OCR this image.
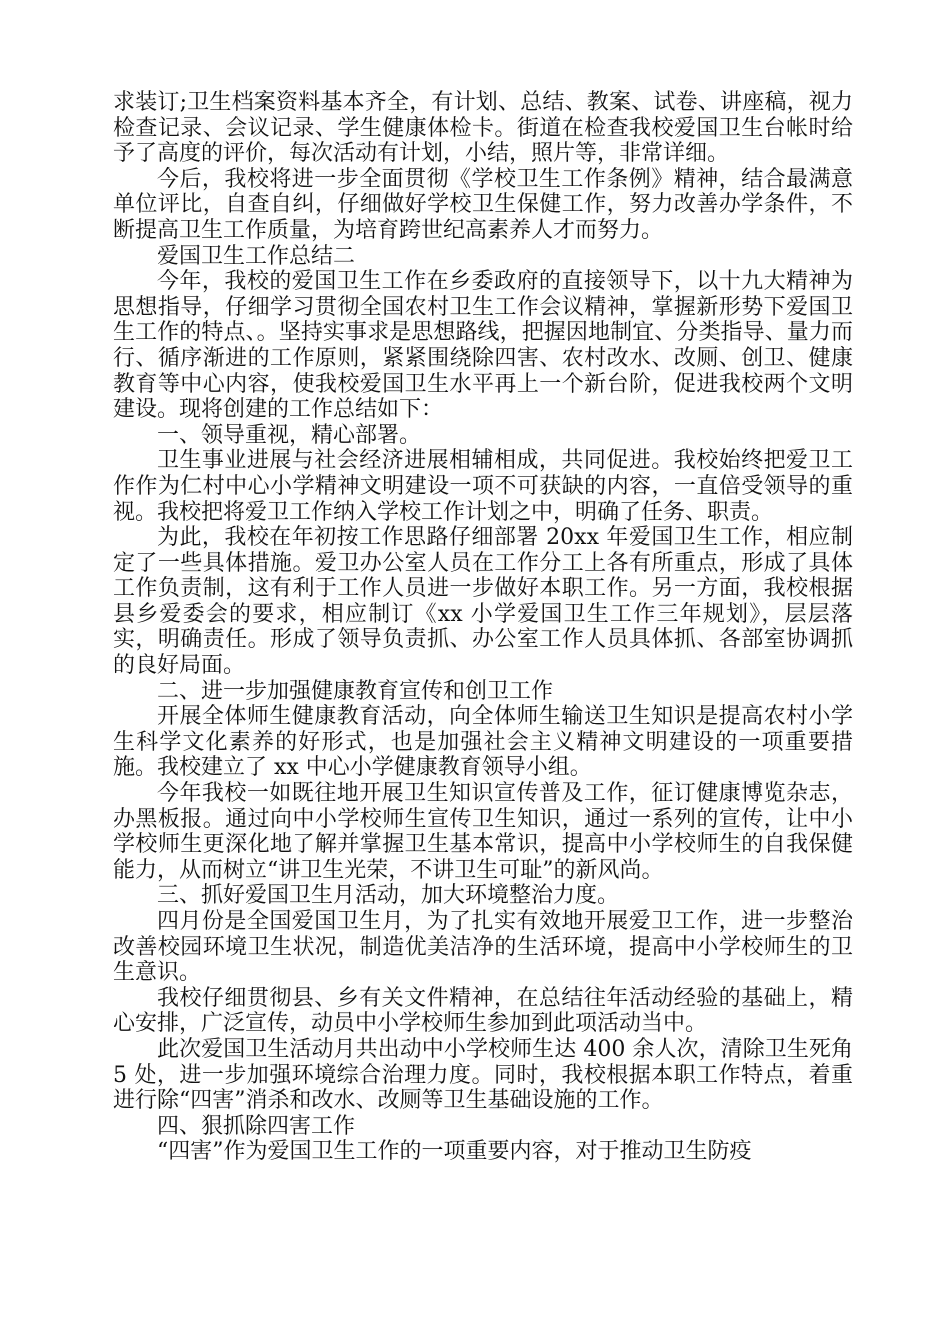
求装订;卫生档案资料基本齐全，有计划、总结、教案、试卷、讲座稿，视力检查记录、会议记录、学生健康体检卡。街道在检查我校爱国卫生台帐时给予了高度的评价，每次活动有计划，小结，照片等，非常详细。

今后，我校将进一步全面贯彻《学校卫生工作条例》精神，结合最满意单位评比，自查自纠，仔细做好学校卫生保健工作，努力改善办学条件，不断提高卫生工作质量，为培育跨世纪高素养人才而努力。

爱国卫生工作总结二

今年，我校的爱国卫生工作在乡委政府的直接领导下，以十九大精神为思想指导，仔细学习贯彻全国农村卫生工作会议精神，掌握新形势下爱国卫生工作的特点、。坚持实事求是思想路线，把握因地制宜、分类指导、量力而行、循序渐进的工作原则，紧紧围绕除四害、农村改水、改厕、创卫、健康教育等中心内容，使我校爱国卫生水平再上一个新台阶，促进我校两个文明建设。现将创建的工作总结如下：

一、领导重视，精心部署。

卫生事业进展与社会经济进展相辅相成，共同促进。我校始终把爱卫工作作为仁村中心小学精神文明建设一项不可获缺的内容，一直倍受领导的重视。我校把将爱卫工作纳入学校工作计划之中，明确了任务、职责。

为此，我校在年初按工作思路仔细部署 20xx 年爱国卫生工作，相应制定了一些具体措施。爱卫办公室人员在工作分工上各有所重点，形成了具体工作负责制，这有利于工作人员进一步做好本职工作。另一方面，我校根据县乡爱委会的要求，相应制订《xx 小学爱国卫生工作三年规划》，层层落实，明确责任。形成了领导负责抓、办公室工作人员具体抓、各部室协调抓的良好局面。

二、进一步加强健康教育宣传和创卫工作

开展全体师生健康教育活动，向全体师生输送卫生知识是提高农村小学生科学文化素养的好形式，也是加强社会主义精神文明建设的一项重要措施。我校建立了 xx 中心小学健康教育领导小组。

今年我校一如既往地开展卫生知识宣传普及工作，征订健康博览杂志，办黑板报。通过向中小学校师生宣传卫生知识，通过一系列的宣传，让中小学校师生更深化地了解并掌握卫生基本常识，提高中小学校师生的自我保健能力，从而树立“讲卫生光荣，不讲卫生可耻”的新风尚。

三、抓好爱国卫生月活动，加大环境整治力度。

四月份是全国爱国卫生月，为了扎实有效地开展爱卫工作，进一步整治改善校园环境卫生状况，制造优美洁净的生活环境，提高中小学校师生的卫生意识。

我校仔细贯彻县、乡有关文件精神，在总结往年活动经验的基础上，精心安排，广泛宣传，动员中小学校师生参加到此项活动当中。

此次爱国卫生活动月共出动中小学校师生达 400 余人次，清除卫生死角 5 处，进一步加强环境综合治理力度。同时，我校根据本职工作特点，着重进行除“四害”消杀和改水、改厕等卫生基础设施的工作。

四、狠抓除四害工作

“四害”作为爱国卫生工作的一项重要内容，对于推动卫生防疫
